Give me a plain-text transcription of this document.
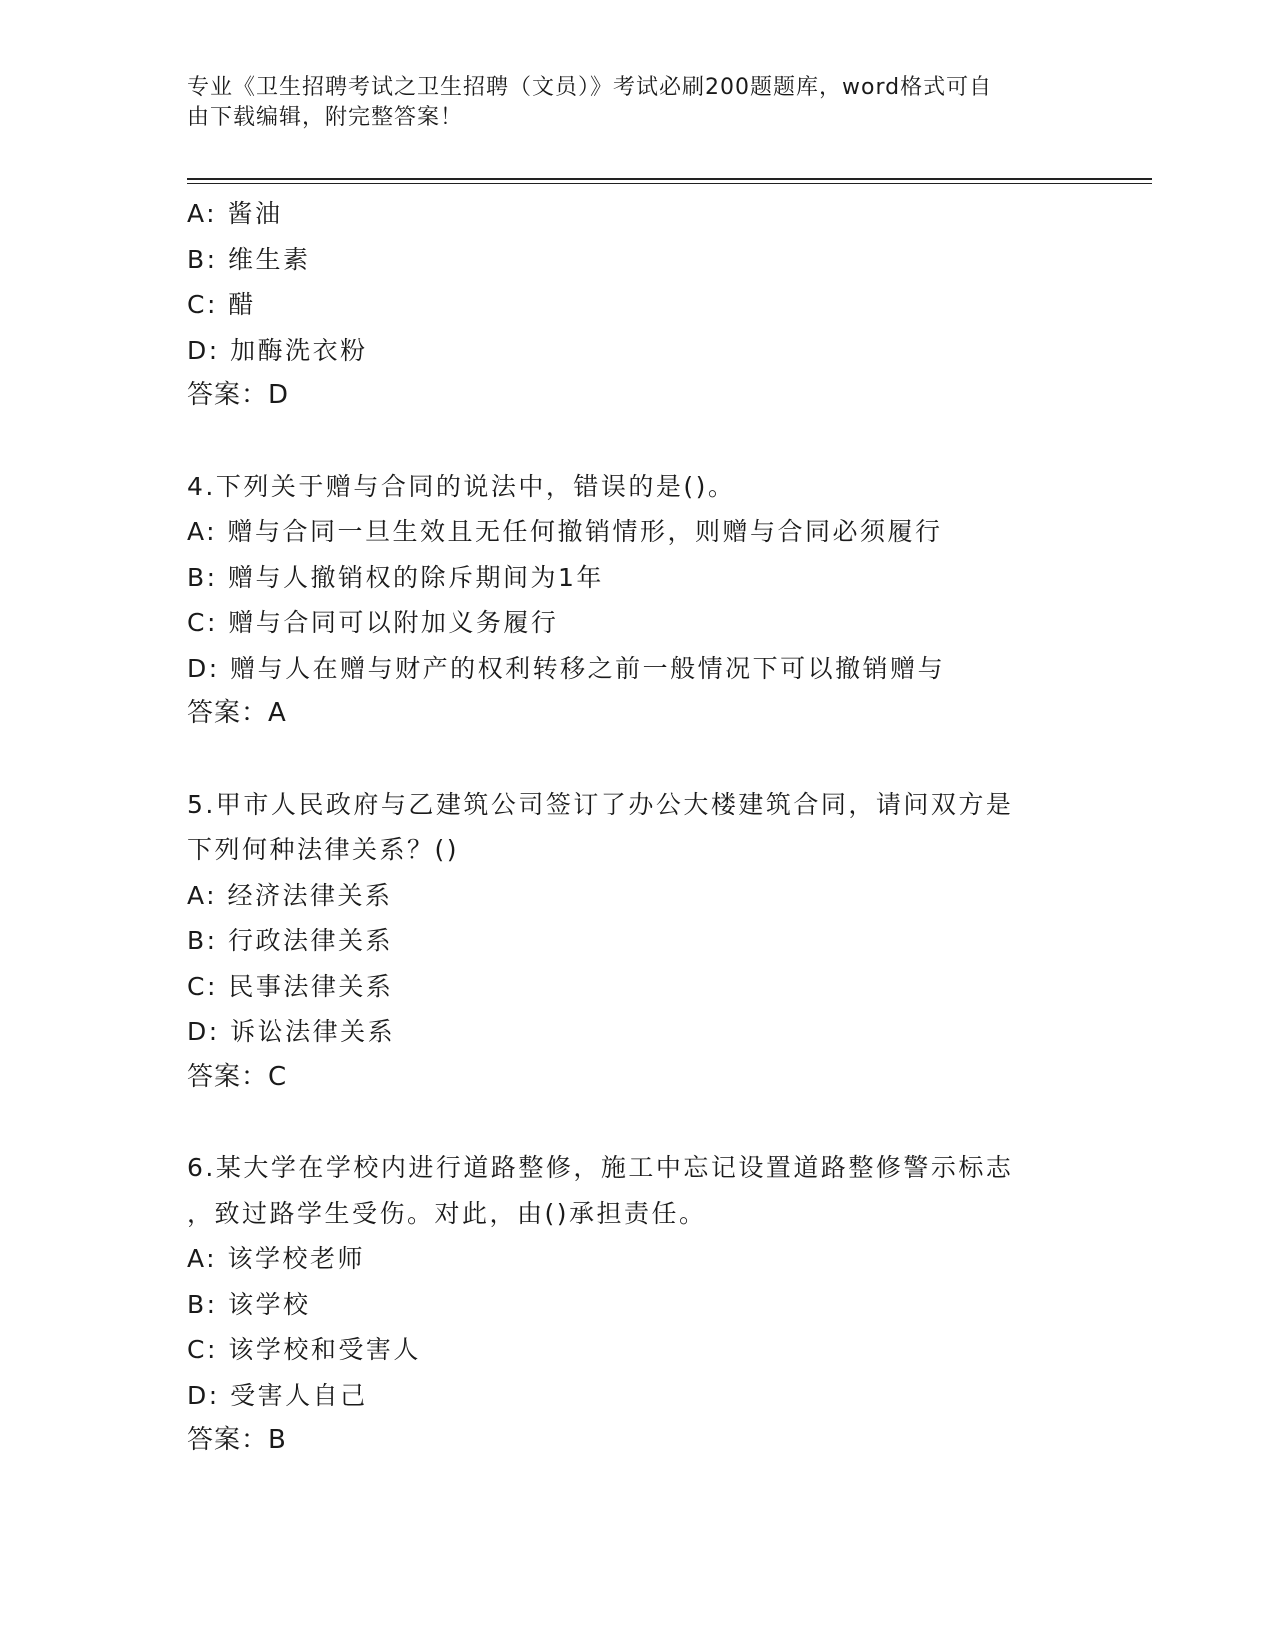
专业《卫生招聘考试之卫生招聘（文员）》考试必刷200题题库，word格式可自
由下载编辑，附完整答案！
A: 酱油
B: 维生素
C: 醋
D: 加酶洗衣粉
答案：D
4.下列关于赠与合同的说法中，错误的是()。
A: 赠与合同一旦生效且无任何撤销情形，则赠与合同必须履行
B: 赠与人撤销权的除斥期间为1年
C: 赠与合同可以附加义务履行
D: 赠与人在赠与财产的权利转移之前一般情况下可以撤销赠与
答案：A
5.甲市人民政府与乙建筑公司签订了办公大楼建筑合同，请问双方是
下列何种法律关系？()
A: 经济法律关系
B: 行政法律关系
C: 民事法律关系
D: 诉讼法律关系
答案：C
6.某大学在学校内进行道路整修，施工中忘记设置道路整修警示标志
，致过路学生受伤。对此，由()承担责任。
A: 该学校老师
B: 该学校
C: 该学校和受害人
D: 受害人自己
答案：B
